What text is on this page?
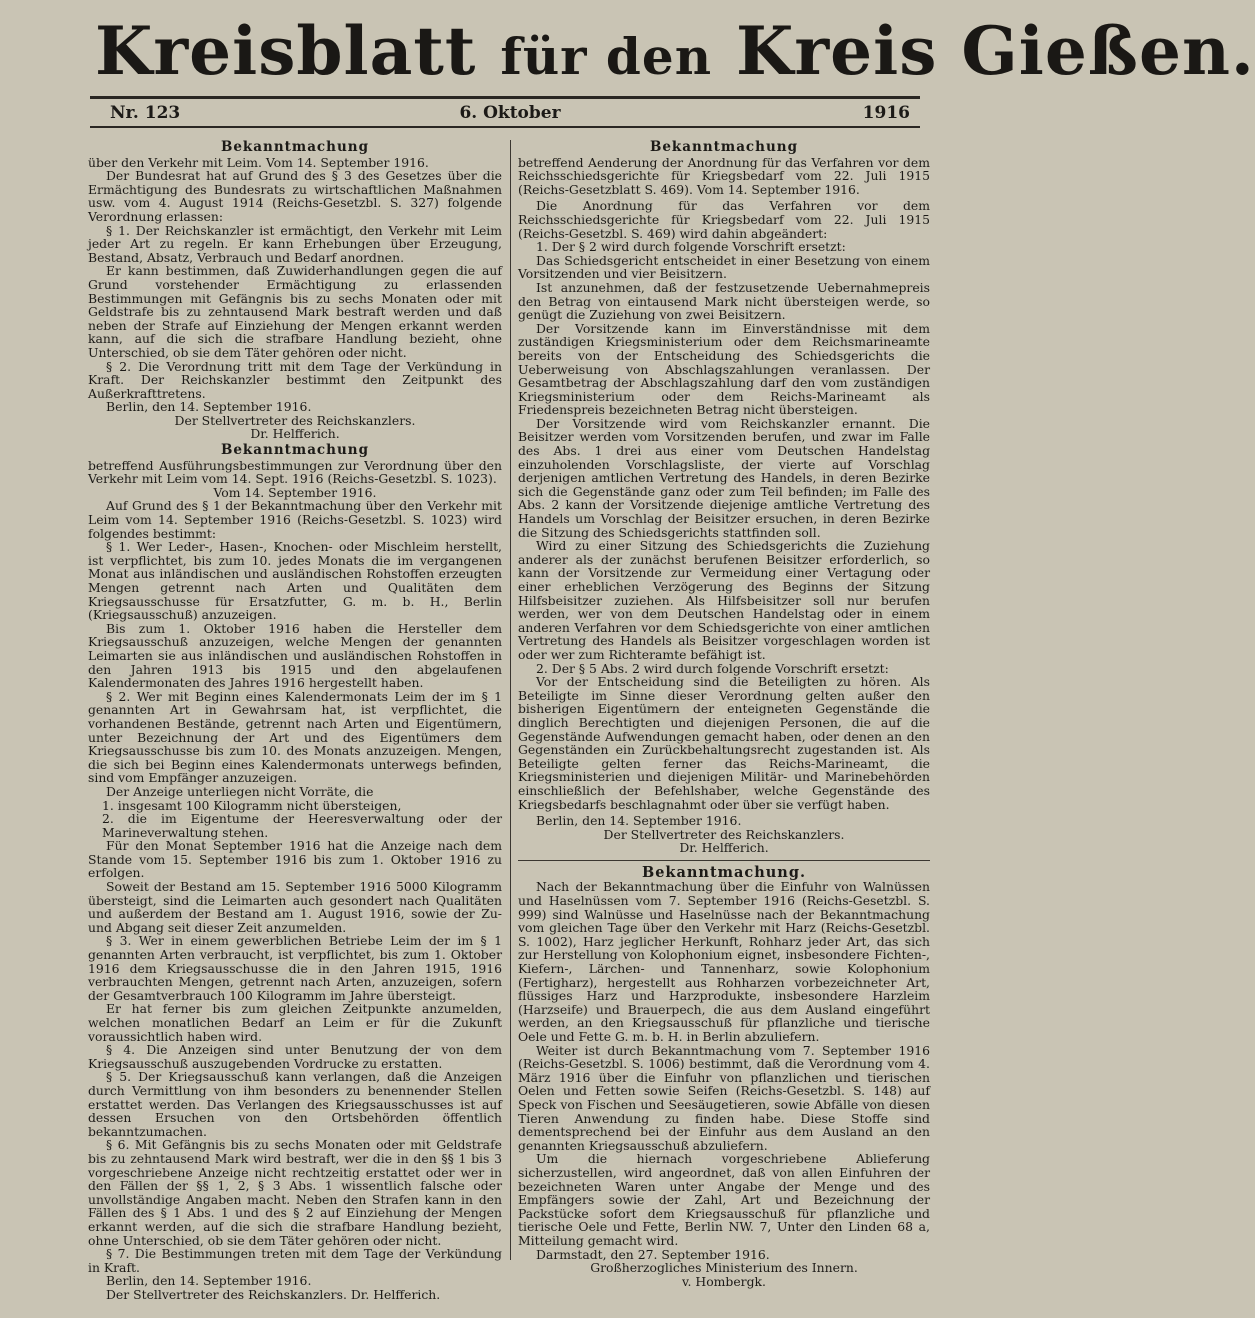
Kreisblatt für den Kreis Gießen.
Nr. 123	6. Oktober	1916
Bekanntmachung

über den Verkehr mit Leim. Vom 14. September 1916.

Der Bundesrat hat auf Grund des § 3 des Gesetzes über die Ermächtigung des Bundesrats zu wirtschaftlichen Maßnahmen usw. vom 4. August 1914 (Reichs-Gesetzbl. S. 327) folgende Verordnung erlassen:

§ 1. Der Reichskanzler ist ermächtigt, den Verkehr mit Leim jeder Art zu regeln. Er kann Erhebungen über Erzeugung, Bestand, Absatz, Verbrauch und Bedarf anordnen.

Er kann bestimmen, daß Zuwiderhandlungen gegen die auf Grund vorstehender Ermächtigung zu erlassenden Bestimmungen mit Gefängnis bis zu sechs Monaten oder mit Geldstrafe bis zu zehntausend Mark bestraft werden und daß neben der Strafe auf Einziehung der Mengen erkannt werden kann, auf die sich die strafbare Handlung bezieht, ohne Unterschied, ob sie dem Täter gehören oder nicht.

§ 2. Die Verordnung tritt mit dem Tage der Verkündung in Kraft. Der Reichskanzler bestimmt den Zeitpunkt des Außerkrafttretens.

Berlin, den 14. September 1916.

Der Stellvertreter des Reichskanzlers.

Dr. Helfferich.

Bekanntmachung

betreffend Ausführungsbestimmungen zur Verordnung über den Verkehr mit Leim vom 14. Sept. 1916 (Reichs-Gesetzbl. S. 1023).

Vom 14. September 1916.

Auf Grund des § 1 der Bekanntmachung über den Verkehr mit Leim vom 14. September 1916 (Reichs-Gesetzbl. S. 1023) wird folgendes bestimmt:

§ 1. Wer Leder-, Hasen-, Knochen- oder Mischleim herstellt, ist verpflichtet, bis zum 10. jedes Monats die im vergangenen Monat aus inländischen und ausländischen Rohstoffen erzeugten Mengen getrennt nach Arten und Qualitäten dem Kriegsausschusse für Ersatzfutter, G. m. b. H., Berlin (Kriegsausschuß) anzuzeigen.

Bis zum 1. Oktober 1916 haben die Hersteller dem Kriegsausschuß anzuzeigen, welche Mengen der genannten Leimarten sie aus inländischen und ausländischen Rohstoffen in den Jahren 1913 bis 1915 und den abgelaufenen Kalendermonaten des Jahres 1916 hergestellt haben.

§ 2. Wer mit Beginn eines Kalendermonats Leim der im § 1 genannten Art in Gewahrsam hat, ist verpflichtet, die vorhandenen Bestände, getrennt nach Arten und Eigentümern, unter Bezeichnung der Art und des Eigentümers dem Kriegsausschusse bis zum 10. des Monats anzuzeigen. Mengen, die sich bei Beginn eines Kalendermonats unterwegs befinden, sind vom Empfänger anzuzeigen.

Der Anzeige unterliegen nicht Vorräte, die

1. insgesamt 100 Kilogramm nicht übersteigen,

2. die im Eigentume der Heeresverwaltung oder der Marineverwaltung stehen.

Für den Monat September 1916 hat die Anzeige nach dem Stande vom 15. September 1916 bis zum 1. Oktober 1916 zu erfolgen.

Soweit der Bestand am 15. September 1916 5000 Kilogramm übersteigt, sind die Leimarten auch gesondert nach Qualitäten und außerdem der Bestand am 1. August 1916, sowie der Zu- und Abgang seit dieser Zeit anzumelden.

§ 3. Wer in einem gewerblichen Betriebe Leim der im § 1 genannten Arten verbraucht, ist verpflichtet, bis zum 1. Oktober 1916 dem Kriegsausschusse die in den Jahren 1915, 1916 verbrauchten Mengen, getrennt nach Arten, anzuzeigen, sofern der Gesamtverbrauch 100 Kilogramm im Jahre übersteigt.

Er hat ferner bis zum gleichen Zeitpunkte anzumelden, welchen monatlichen Bedarf an Leim er für die Zukunft voraussichtlich haben wird.

§ 4. Die Anzeigen sind unter Benutzung der von dem Kriegsausschuß auszugebenden Vordrucke zu erstatten.

§ 5. Der Kriegsausschuß kann verlangen, daß die Anzeigen durch Vermittlung von ihm besonders zu benennender Stellen erstattet werden. Das Verlangen des Kriegsausschusses ist auf dessen Ersuchen von den Ortsbehörden öffentlich bekanntzumachen.

§ 6. Mit Gefängnis bis zu sechs Monaten oder mit Geldstrafe bis zu zehntausend Mark wird bestraft, wer die in den §§ 1 bis 3 vorgeschriebene Anzeige nicht rechtzeitig erstattet oder wer in den Fällen der §§ 1, 2, § 3 Abs. 1 wissentlich falsche oder unvollständige Angaben macht. Neben den Strafen kann in den Fällen des § 1 Abs. 1 und des § 2 auf Einziehung der Mengen erkannt werden, auf die sich die strafbare Handlung bezieht, ohne Unterschied, ob sie dem Täter gehören oder nicht.

§ 7. Die Bestimmungen treten mit dem Tage der Verkündung in Kraft.

Berlin, den 14. September 1916.

Der Stellvertreter des Reichskanzlers. Dr. Helfferich.

Bekanntmachung

betreffend Aenderung der Anordnung für das Verfahren vor dem Reichsschiedsgerichte für Kriegsbedarf vom 22. Juli 1915 (Reichs-Gesetzblatt S. 469). Vom 14. September 1916.

Die Anordnung für das Verfahren vor dem Reichsschiedsgerichte für Kriegsbedarf vom 22. Juli 1915 (Reichs-Gesetzbl. S. 469) wird dahin abgeändert:

1. Der § 2 wird durch folgende Vorschrift ersetzt:

Das Schiedsgericht entscheidet in einer Besetzung von einem Vorsitzenden und vier Beisitzern.

Ist anzunehmen, daß der festzusetzende Uebernahmepreis den Betrag von eintausend Mark nicht übersteigen werde, so genügt die Zuziehung von zwei Beisitzern.

Der Vorsitzende kann im Einverständnisse mit dem zuständigen Kriegsministerium oder dem Reichsmarineamte bereits von der Entscheidung des Schiedsgerichts die Ueberweisung von Abschlagszahlungen veranlassen. Der Gesamtbetrag der Abschlagszahlung darf den vom zuständigen Kriegsministerium oder dem Reichs-Marineamt als Friedenspreis bezeichneten Betrag nicht übersteigen.

Der Vorsitzende wird vom Reichskanzler ernannt. Die Beisitzer werden vom Vorsitzenden berufen, und zwar im Falle des Abs. 1 drei aus einer vom Deutschen Handelstag einzuholenden Vorschlagsliste, der vierte auf Vorschlag derjenigen amtlichen Vertretung des Handels, in deren Bezirke sich die Gegenstände ganz oder zum Teil befinden; im Falle des Abs. 2 kann der Vorsitzende diejenige amtliche Vertretung des Handels um Vorschlag der Beisitzer ersuchen, in deren Bezirke die Sitzung des Schiedsgerichts stattfinden soll.

Wird zu einer Sitzung des Schiedsgerichts die Zuziehung anderer als der zunächst berufenen Beisitzer erforderlich, so kann der Vorsitzende zur Vermeidung einer Vertagung oder einer erheblichen Verzögerung des Beginns der Sitzung Hilfsbeisitzer zuziehen. Als Hilfsbeisitzer soll nur berufen werden, wer von dem Deutschen Handelstag oder in einem anderen Verfahren vor dem Schiedsgerichte von einer amtlichen Vertretung des Handels als Beisitzer vorgeschlagen worden ist oder wer zum Richteramte befähigt ist.

2. Der § 5 Abs. 2 wird durch folgende Vorschrift ersetzt:

Vor der Entscheidung sind die Beteiligten zu hören. Als Beteiligte im Sinne dieser Verordnung gelten außer den bisherigen Eigentümern der enteigneten Gegenstände die dinglich Berechtigten und diejenigen Personen, die auf die Gegenstände Aufwendungen gemacht haben, oder denen an den Gegenständen ein Zurückbehaltungsrecht zugestanden ist. Als Beteiligte gelten ferner das Reichs-Marineamt, die Kriegsministerien und diejenigen Militär- und Marinebehörden einschließlich der Befehlshaber, welche Gegenstände des Kriegsbedarfs beschlagnahmt oder über sie verfügt haben.

Berlin, den 14. September 1916.

Der Stellvertreter des Reichskanzlers.

Dr. Helfferich.

Bekanntmachung.

Nach der Bekanntmachung über die Einfuhr von Walnüssen und Haselnüssen vom 7. September 1916 (Reichs-Gesetzbl. S. 999) sind Walnüsse und Haselnüsse nach der Bekanntmachung vom gleichen Tage über den Verkehr mit Harz (Reichs-Gesetzbl. S. 1002), Harz jeglicher Herkunft, Rohharz jeder Art, das sich zur Herstellung von Kolophonium eignet, insbesondere Fichten-, Kiefern-, Lärchen- und Tannenharz, sowie Kolophonium (Fertigharz), hergestellt aus Rohharzen vorbezeichneter Art, flüssiges Harz und Harzprodukte, insbesondere Harzleim (Harzseife) und Brauerpech, die aus dem Ausland eingeführt werden, an den Kriegsausschuß für pflanzliche und tierische Oele und Fette G. m. b. H. in Berlin abzuliefern.

Weiter ist durch Bekanntmachung vom 7. September 1916 (Reichs-Gesetzbl. S. 1006) bestimmt, daß die Verordnung vom 4. März 1916 über die Einfuhr von pflanzlichen und tierischen Oelen und Fetten sowie Seifen (Reichs-Gesetzbl. S. 148) auf Speck von Fischen und Seesäugetieren, sowie Abfälle von diesen Tieren Anwendung zu finden habe. Diese Stoffe sind dementsprechend bei der Einfuhr aus dem Ausland an den genannten Kriegsausschuß abzuliefern.

Um die hiernach vorgeschriebene Ablieferung sicherzustellen, wird angeordnet, daß von allen Einfuhren der bezeichneten Waren unter Angabe der Menge und des Empfängers sowie der Zahl, Art und Bezeichnung der Packstücke sofort dem Kriegsausschuß für pflanzliche und tierische Oele und Fette, Berlin NW. 7, Unter den Linden 68 a, Mitteilung gemacht wird.

Darmstadt, den 27. September 1916.

Großherzogliches Ministerium des Innern.

v. Hombergk.
